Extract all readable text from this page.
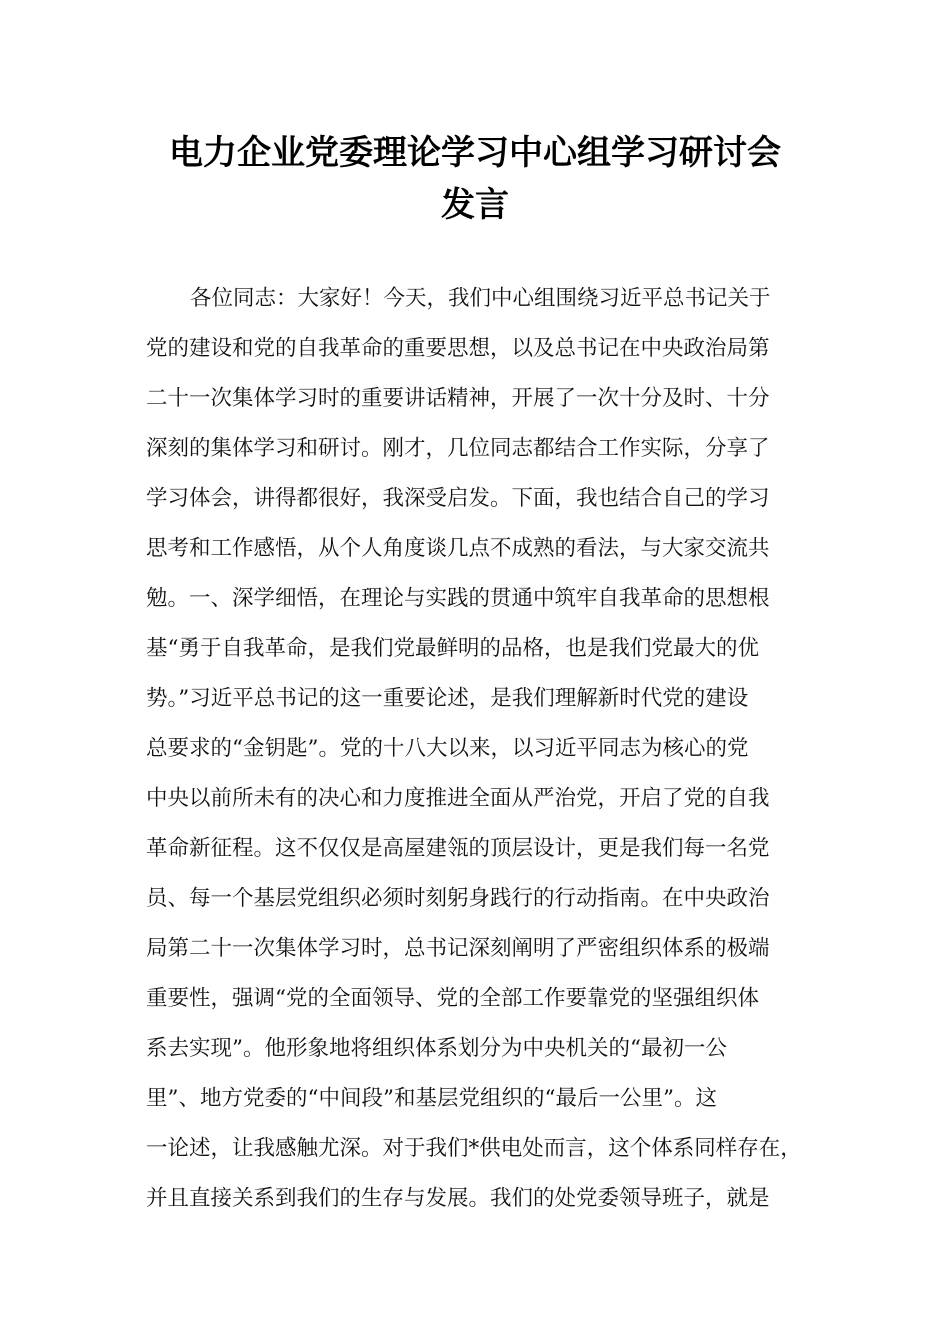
电力企业党委理论学习中心组学习研讨会
发言

各位同志：大家好！今天，我们中心组围绕习近平总书记关于

党的建设和党的自我革命的重要思想，以及总书记在中央政治局第

二十一次集体学习时的重要讲话精神，开展了一次十分及时、十分

深刻的集体学习和研讨。刚才，几位同志都结合工作实际，分享了

学习体会，讲得都很好，我深受启发。下面，我也结合自己的学习

思考和工作感悟，从个人角度谈几点不成熟的看法，与大家交流共

勉。一、深学细悟，在理论与实践的贯通中筑牢自我革命的思想根

基“勇于自我革命，是我们党最鲜明的品格，也是我们党最大的优

势。”习近平总书记的这一重要论述，是我们理解新时代党的建设

总要求的“金钥匙”。党的十八大以来，以习近平同志为核心的党

中央以前所未有的决心和力度推进全面从严治党，开启了党的自我

革命新征程。这不仅仅是高屋建瓴的顶层设计，更是我们每一名党

员、每一个基层党组织必须时刻躬身践行的行动指南。在中央政治

局第二十一次集体学习时，总书记深刻阐明了严密组织体系的极端

重要性，强调“党的全面领导、党的全部工作要靠党的坚强组织体

系去实现”。他形象地将组织体系划分为中央机关的“最初一公

里”、地方党委的“中间段”和基层党组织的“最后一公里”。这

一论述，让我感触尤深。对于我们*供电处而言，这个体系同样存在，

并且直接关系到我们的生存与发展。我们的处党委领导班子，就是
